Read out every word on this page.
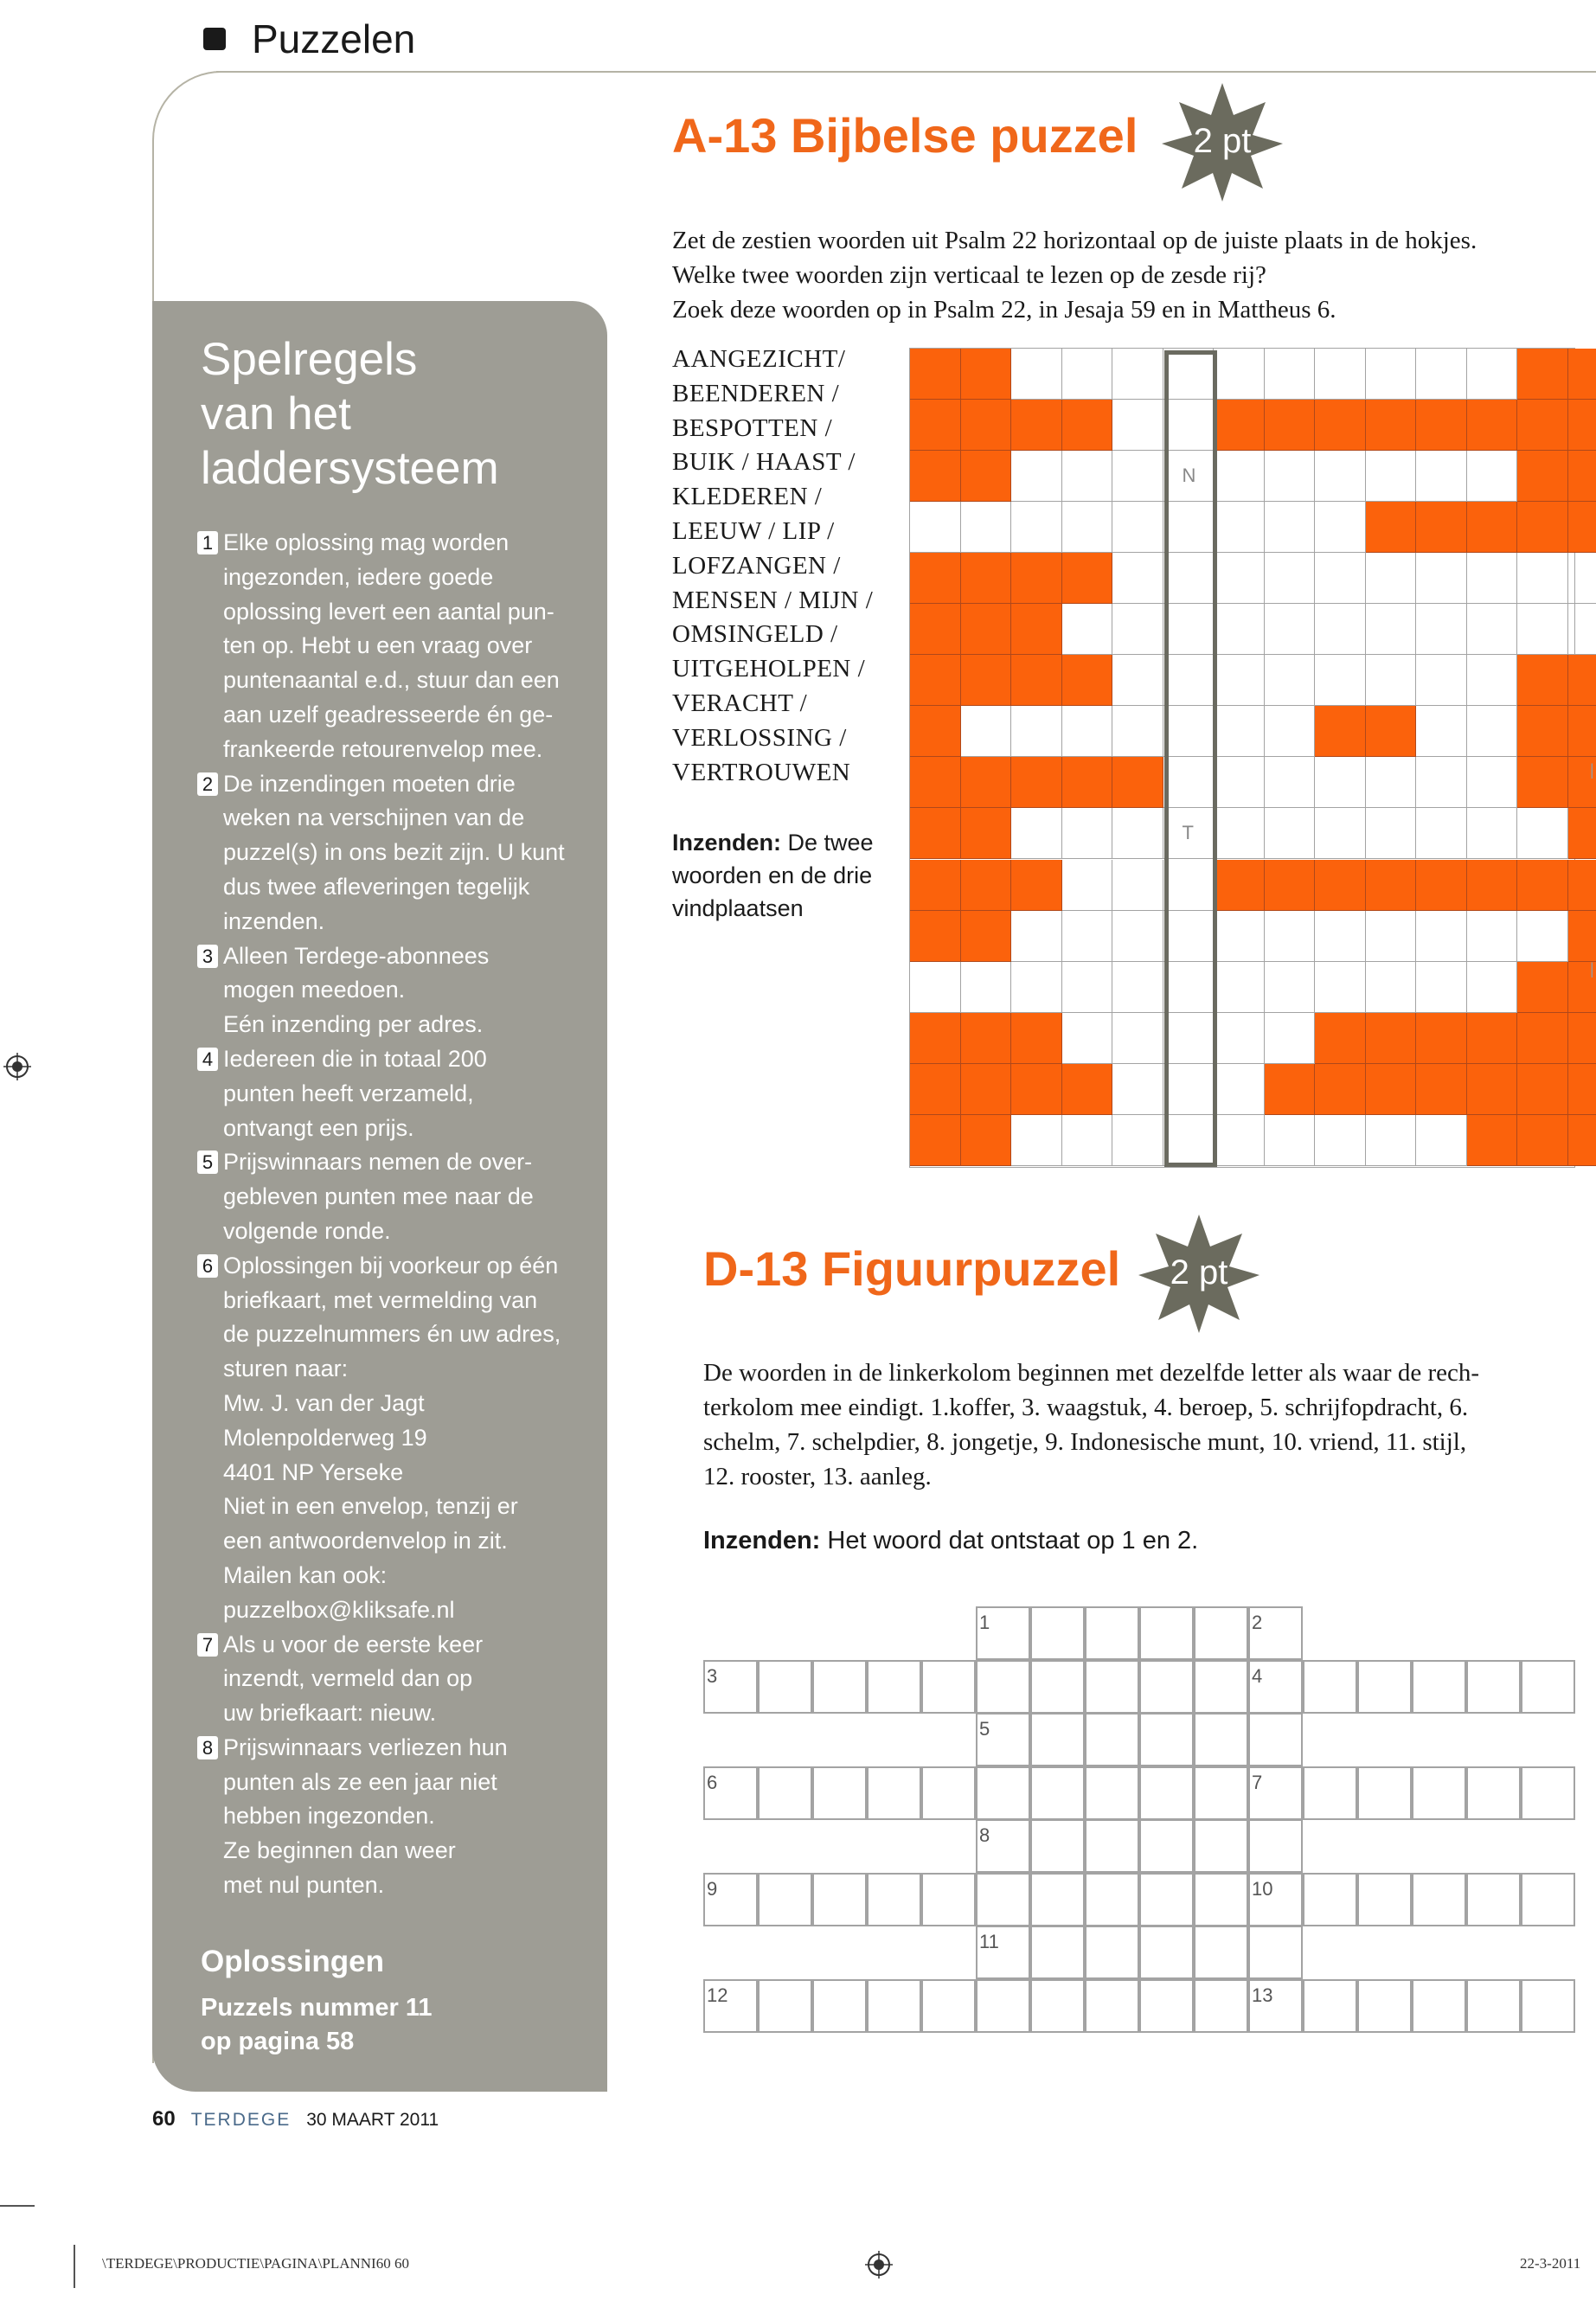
Puzzelen
Spelregels
van het
laddersysteem
1 Elke oplossing mag worden
ingezonden, iedere goede
oplossing levert een aantal pun-
ten op. Hebt u een vraag over
puntenaantal e.d., stuur dan een
aan uzelf geadresseerde én ge-
frankeerde retourenvelop mee.
2 De inzendingen moeten drie
weken na verschijnen van de
puzzel(s) in ons bezit zijn. U kunt
dus twee afleveringen tegelijk
inzenden.
3 Alleen Terdege-abonnees
mogen meedoen.
Eén inzending per adres.
4 Iedereen die in totaal 200
punten heeft verzameld,
ontvangt een prijs.
5 Prijswinnaars nemen de over-
gebleven punten mee naar de
volgende ronde.
6 Oplossingen bij voorkeur op één
briefkaart, met vermelding van
de puzzelnummers én uw adres,
sturen naar:
Mw. J. van der Jagt
Molenpolderweg 19
4401 NP Yerseke
Niet in een envelop, tenzij er
een antwoordenvelop in zit.
Mailen kan ook:
puzzelbox@kliksafe.nl
7 Als u voor de eerste keer
inzendt, vermeld dan op
uw briefkaart: nieuw.
8 Prijswinnaars verliezen hun
punten als ze een jaar niet
hebben ingezonden.
Ze beginnen dan weer
met nul punten.
Oplossingen
Puzzels nummer 11
op pagina 58
A-13 Bijbelse puzzel	2 pt
Zet de zestien woorden uit Psalm 22 horizontaal op de juiste plaats in de hokjes.
Welke twee woorden zijn verticaal te lezen op de zesde rij?
Zoek deze woorden op in Psalm 22, in Jesaja 59 en in Mattheus 6.
AANGEZICHT/
BEENDEREN /
BESPOTTEN /
BUIK / HAAST /
KLEDEREN /
LEEUW / LIP /
LOFZANGEN /
MENSEN / MIJN /
OMSINGELD /
UITGEHOLPEN /
VERACHT /
VERLOSSING /
VERTROUWEN
Inzenden: De twee
woorden en de drie
vindplaatsen
N
T
D-13 Figuurpuzzel	2 pt
De woorden in de linkerkolom beginnen met dezelfde letter als waar de rech-
terkolom mee eindigt. 1.koffer, 3. waagstuk, 4. beroep, 5. schrijfopdracht, 6.
schelm, 7. schelpdier, 8. jongetje, 9. Indonesische munt, 10. vriend, 11. stijl,
12. rooster, 13. aanleg.
Inzenden: Het woord dat ontstaat op 1 en 2.
1	2
3	4
5
6	7
8
9	10
11
12	13
|
|
60 TERDEGE 30 MAART 2011
\TERDEGE\PRODUCTIE\PAGINA\PLANNI60 60	22-3-2011
